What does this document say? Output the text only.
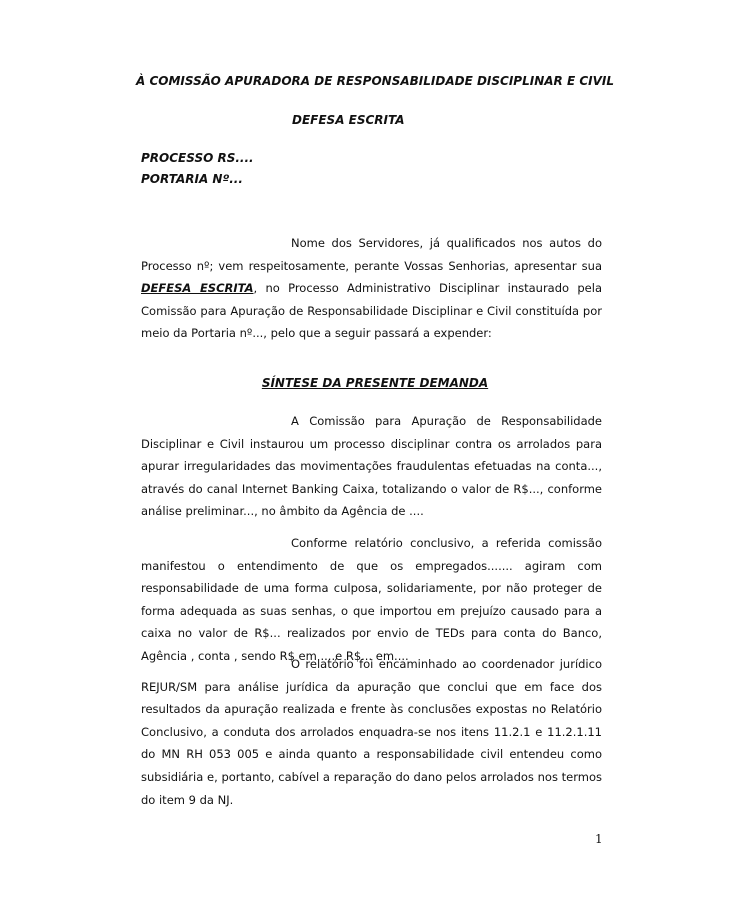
À COMISSÃO APURADORA DE RESPONSABILIDADE DISCIPLINAR E CIVIL
DEFESA ESCRITA
PROCESSO RS....
PORTARIA Nº...

Nome dos Servidores, já qualificados nos autos do Processo nº; vem respeitosamente, perante Vossas Senhorias, apresentar sua DEFESA ESCRITA, no Processo Administrativo Disciplinar instaurado pela Comissão para Apuração de Responsabilidade Disciplinar e Civil constituída por meio da Portaria nº..., pelo que a seguir passará a expender:

SÍNTESE DA PRESENTE DEMANDA

A Comissão para Apuração de Responsabilidade Disciplinar e Civil instaurou um processo disciplinar contra os arrolados para apurar irregularidades das movimentações fraudulentas efetuadas na conta..., através do canal Internet Banking Caixa, totalizando o valor de R$..., conforme análise preliminar..., no âmbito da Agência de ....

Conforme relatório conclusivo, a referida comissão manifestou o entendimento de que os empregados....... agiram com responsabilidade de uma forma culposa, solidariamente, por não proteger de forma adequada as suas senhas, o que importou em prejuízo causado para a caixa no valor de R$... realizados por envio de TEDs para conta do Banco, Agência , conta , sendo R$ em ....e R$... em....

O relatório foi encaminhado ao coordenador jurídico REJUR/SM para análise jurídica da apuração que conclui que em face dos resultados da apuração realizada e frente às conclusões expostas no Relatório Conclusivo, a conduta dos arrolados enquadra-se nos itens 11.2.1 e 11.2.1.11 do MN RH 053 005 e ainda quanto a responsabilidade civil entendeu como subsidiária e, portanto, cabível a reparação do dano pelos arrolados nos termos do item 9 da NJ.

1
